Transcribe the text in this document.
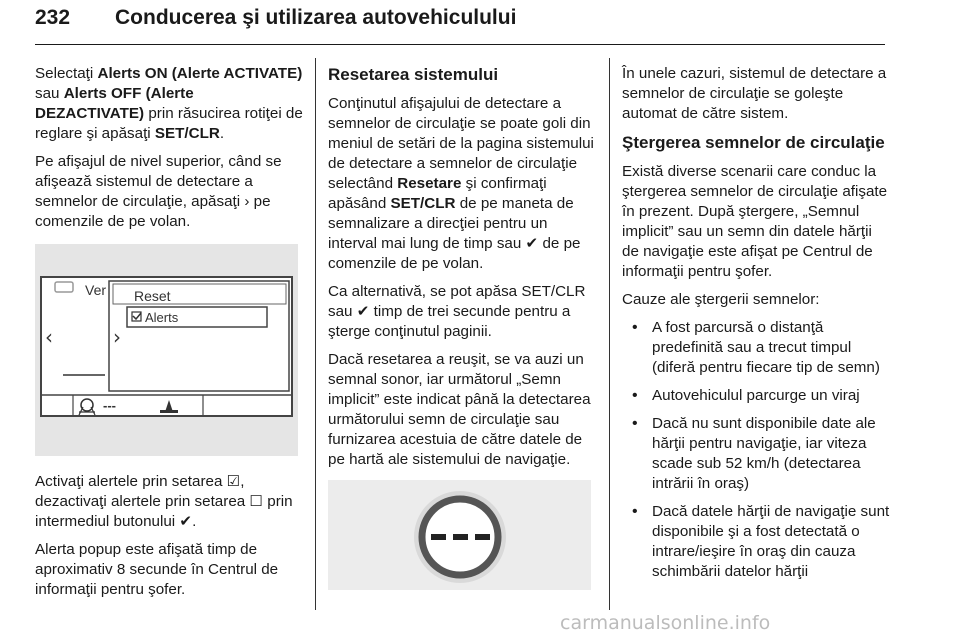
232 Conducerea şi utilizarea autovehiculului

Selectaţi Alerts ON (Alerte ACTIVATE) sau Alerts OFF (Alerte DEZACTIVATE) prin răsucirea rotiţei de reglare şi apăsaţi SET/CLR.

Pe afişajul de nivel superior, când se afişează sistemul de detectare a semnelor de circulaţie, apăsaţi › pe comenzile de pe volan.

Ver Reset
Alerts
‹	›
---

Activaţi alertele prin setarea ☑, dezactivaţi alertele prin setarea ☐ prin intermediul butonului ✔.

Alerta popup este afişată timp de aproximativ 8 secunde în Centrul de informaţii pentru şofer.

Resetarea sistemului

Conţinutul afişajului de detectare a semnelor de circulaţie se poate goli din meniul de setări de la pagina sistemului de detectare a semnelor de circulaţie selectând Resetare şi confirmaţi apăsând SET/CLR de pe maneta de semnalizare a direcţiei pentru un interval mai lung de timp sau ✔ de pe comenzile de pe volan.

Ca alternativă, se pot apăsa SET/CLR sau ✔ timp de trei secunde pentru a şterge conţinutul paginii.

Dacă resetarea a reuşit, se va auzi un semnal sonor, iar următorul „Semn implicit” este indicat până la detectarea următorului semn de circulaţie sau furnizarea acestuia de către datele de pe hartă ale sistemului de navigaţie.

În unele cazuri, sistemul de detectare a semnelor de circulaţie se goleşte automat de către sistem.

Ştergerea semnelor de circulaţie

Există diverse scenarii care conduc la ştergerea semnelor de circulaţie afişate în prezent. După ştergere, „Semnul implicit” sau un semn din datele hărţii de navigaţie este afişat pe Centrul de informaţii pentru şofer.

Cauze ale ştergerii semnelor:

• A fost parcursă o distanţă predefinită sau a trecut timpul (diferă pentru fiecare tip de semn)
• Autovehiculul parcurge un viraj
• Dacă nu sunt disponibile date ale hărţii pentru navigaţie, iar viteza scade sub 52 km/h (detectarea intrării în oraş)
• Dacă datele hărţii de navigaţie sunt disponibile şi a fost detectată o intrare/ieşire în oraş din cauza schimbării datelor hărţii
carmanualsonline.info
